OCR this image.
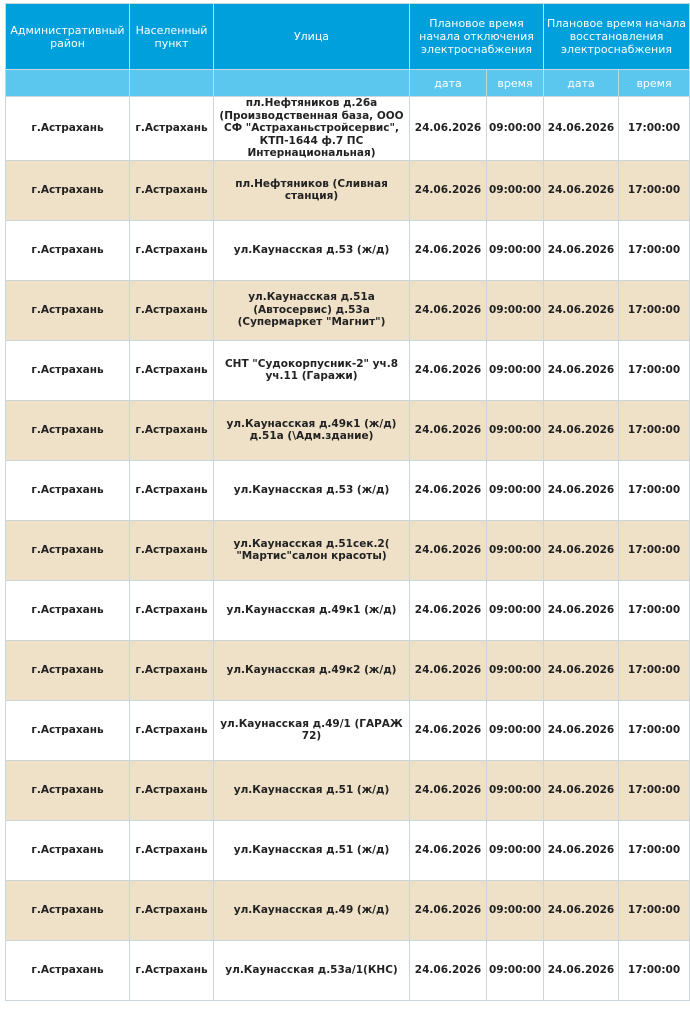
Административный район	Населенный пункт	Улица	Плановое время начала отключения электроснабжения		Плановое время начала восстановления электроснабжения	
			дата	время	дата	время
г.Астрахань	г.Астрахань	пл.Нефтяников д.26а (Производственная база, ООО СФ "Астраханьстройсервис", КТП-1644 ф.7 ПС Интернациональная)	24.06.2026	09:00:00	24.06.2026	17:00:00
г.Астрахань	г.Астрахань	пл.Нефтяников (Сливная станция)	24.06.2026	09:00:00	24.06.2026	17:00:00
г.Астрахань	г.Астрахань	ул.Каунасская д.53 (ж/д)	24.06.2026	09:00:00	24.06.2026	17:00:00
г.Астрахань	г.Астрахань	ул.Каунасская д.51а (Автосервис) д.53а (Супермаркет "Магнит")	24.06.2026	09:00:00	24.06.2026	17:00:00
г.Астрахань	г.Астрахань	СНТ "Судокорпусник-2" уч.8 уч.11 (Гаражи)	24.06.2026	09:00:00	24.06.2026	17:00:00
г.Астрахань	г.Астрахань	ул.Каунасская д.49к1 (ж/д) д.51а (\Адм.здание)	24.06.2026	09:00:00	24.06.2026	17:00:00
г.Астрахань	г.Астрахань	ул.Каунасская д.53 (ж/д)	24.06.2026	09:00:00	24.06.2026	17:00:00
г.Астрахань	г.Астрахань	ул.Каунасская д.51сек.2( "Мартис"салон красоты)	24.06.2026	09:00:00	24.06.2026	17:00:00
г.Астрахань	г.Астрахань	ул.Каунасская д.49к1 (ж/д)	24.06.2026	09:00:00	24.06.2026	17:00:00
г.Астрахань	г.Астрахань	ул.Каунасская д.49к2 (ж/д)	24.06.2026	09:00:00	24.06.2026	17:00:00
г.Астрахань	г.Астрахань	ул.Каунасская д.49/1 (ГАРАЖ 72)	24.06.2026	09:00:00	24.06.2026	17:00:00
г.Астрахань	г.Астрахань	ул.Каунасская д.51 (ж/д)	24.06.2026	09:00:00	24.06.2026	17:00:00
г.Астрахань	г.Астрахань	ул.Каунасская д.51 (ж/д)	24.06.2026	09:00:00	24.06.2026	17:00:00
г.Астрахань	г.Астрахань	ул.Каунасская д.49 (ж/д)	24.06.2026	09:00:00	24.06.2026	17:00:00
г.Астрахань	г.Астрахань	ул.Каунасская д.53а/1(КНС)	24.06.2026	09:00:00	24.06.2026	17:00:00
